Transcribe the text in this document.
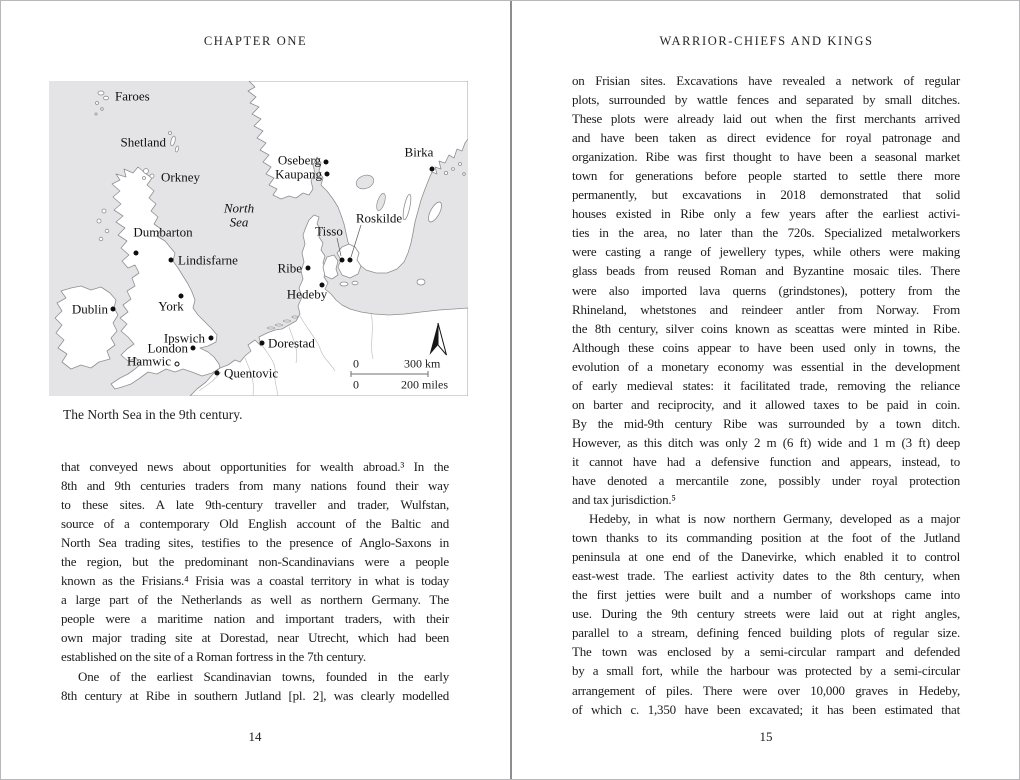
CHAPTER ONE
0	300 km
0	200 miles
Faroes
Shetland
Orkney
North
Sea
Oseberg
Kaupang
Birka
Roskilde
Tisso
Ribe
Hedeby
Dumbarton
Lindisfarne
Dublin	York
Ipswich
London
Hamwic
Quentovic
Dorestad
The North Sea in the 9th century.
that conveyed news about opportunities for wealth abroad.³ In the
8th and 9th centuries traders from many nations found their way
to these sites. A late 9th-century traveller and trader, Wulfstan,
source of a contemporary Old English account of the Baltic and
North Sea trading sites, testifies to the presence of Anglo-Saxons in
the region, but the predominant non-Scandinavians were a people
known as the Frisians.⁴ Frisia was a coastal territory in what is today
a large part of the Netherlands as well as northern Germany. The
people were a maritime nation and important traders, with their
own major trading site at Dorestad, near Utrecht, which had been
established on the site of a Roman fortress in the 7th century.
One of the earliest Scandinavian towns, founded in the early
8th century at Ribe in southern Jutland [pl. 2], was clearly modelled
14
WARRIOR-CHIEFS AND KINGS
on Frisian sites. Excavations have revealed a network of regular
plots, surrounded by wattle fences and separated by small ditches.
These plots were already laid out when the first merchants arrived
and have been taken as direct evidence for royal patronage and
organization. Ribe was first thought to have been a seasonal market
town for generations before people started to settle there more
permanently, but excavations in 2018 demonstrated that solid
houses existed in Ribe only a few years after the earliest activi-
ties in the area, no later than the 720s. Specialized metalworkers
were casting a range of jewellery types, while others were making
glass beads from reused Roman and Byzantine mosaic tiles. There
were also imported lava querns (grindstones), pottery from the
Rhineland, whetstones and reindeer antler from Norway. From
the 8th century, silver coins known as sceattas were minted in Ribe.
Although these coins appear to have been used only in towns, the
evolution of a monetary economy was essential in the development
of early medieval states: it facilitated trade, removing the reliance
on barter and reciprocity, and it allowed taxes to be paid in coin.
By the mid-9th century Ribe was surrounded by a town ditch.
However, as this ditch was only 2 m (6 ft) wide and 1 m (3 ft) deep
it cannot have had a defensive function and appears, instead, to
have denoted a mercantile zone, possibly under royal protection
and tax jurisdiction.⁵
Hedeby, in what is now northern Germany, developed as a major
town thanks to its commanding position at the foot of the Jutland
peninsula at one end of the Danevirke, which enabled it to control
east-west trade. The earliest activity dates to the 8th century, when
the first jetties were built and a number of workshops came into
use. During the 9th century streets were laid out at right angles,
parallel to a stream, defining fenced building plots of regular size.
The town was enclosed by a semi-circular rampart and defended
by a small fort, while the harbour was protected by a semi-circular
arrangement of piles. There were over 10,000 graves in Hedeby,
of which c. 1,350 have been excavated; it has been estimated that
15
